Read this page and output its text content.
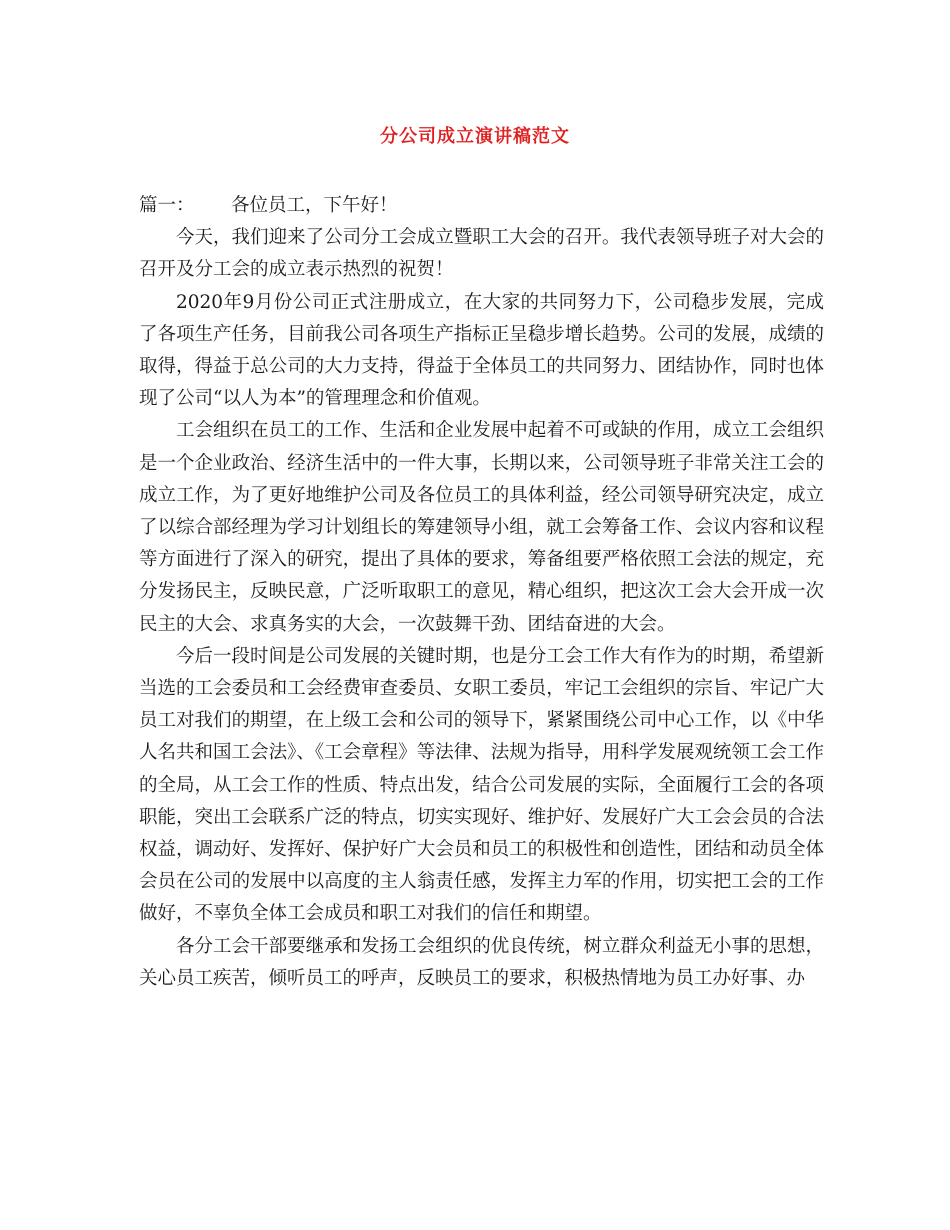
分公司成立演讲稿范文

篇一： 各位员工，下午好！

今天，我们迎来了公司分工会成立暨职工大会的召开。我代表领导班子对大会的召开及分工会的成立表示热烈的祝贺！

2020年9月份公司正式注册成立，在大家的共同努力下，公司稳步发展，完成了各项生产任务，目前我公司各项生产指标正呈稳步增长趋势。公司的发展，成绩的取得，得益于总公司的大力支持，得益于全体员工的共同努力、团结协作，同时也体现了公司“以人为本”的管理理念和价值观。

工会组织在员工的工作、生活和企业发展中起着不可或缺的作用，成立工会组织是一个企业政治、经济生活中的一件大事，长期以来，公司领导班子非常关注工会的成立工作，为了更好地维护公司及各位员工的具体利益，经公司领导研究决定，成立了以综合部经理为学习计划组长的筹建领导小组，就工会筹备工作、会议内容和议程等方面进行了深入的研究，提出了具体的要求，筹备组要严格依照工会法的规定，充分发扬民主，反映民意，广泛听取职工的意见，精心组织，把这次工会大会开成一次民主的大会、求真务实的大会，一次鼓舞干劲、团结奋进的大会。

今后一段时间是公司发展的关键时期，也是分工会工作大有作为的时期，希望新当选的工会委员和工会经费审查委员、女职工委员，牢记工会组织的宗旨、牢记广大员工对我们的期望，在上级工会和公司的领导下，紧紧围绕公司中心工作，以《中华人名共和国工会法》、《工会章程》等法律、法规为指导，用科学发展观统领工会工作的全局，从工会工作的性质、特点出发，结合公司发展的实际，全面履行工会的各项职能，突出工会联系广泛的特点，切实实现好、维护好、发展好广大工会会员的合法权益，调动好、发挥好、保护好广大会员和员工的积极性和创造性，团结和动员全体会员在公司的发展中以高度的主人翁责任感，发挥主力军的作用，切实把工会的工作做好，不辜负全体工会成员和职工对我们的信任和期望。

各分工会干部要继承和发扬工会组织的优良传统，树立群众利益无小事的思想，关心员工疾苦，倾听员工的呼声，反映员工的要求，积极热情地为员工办好事、办
